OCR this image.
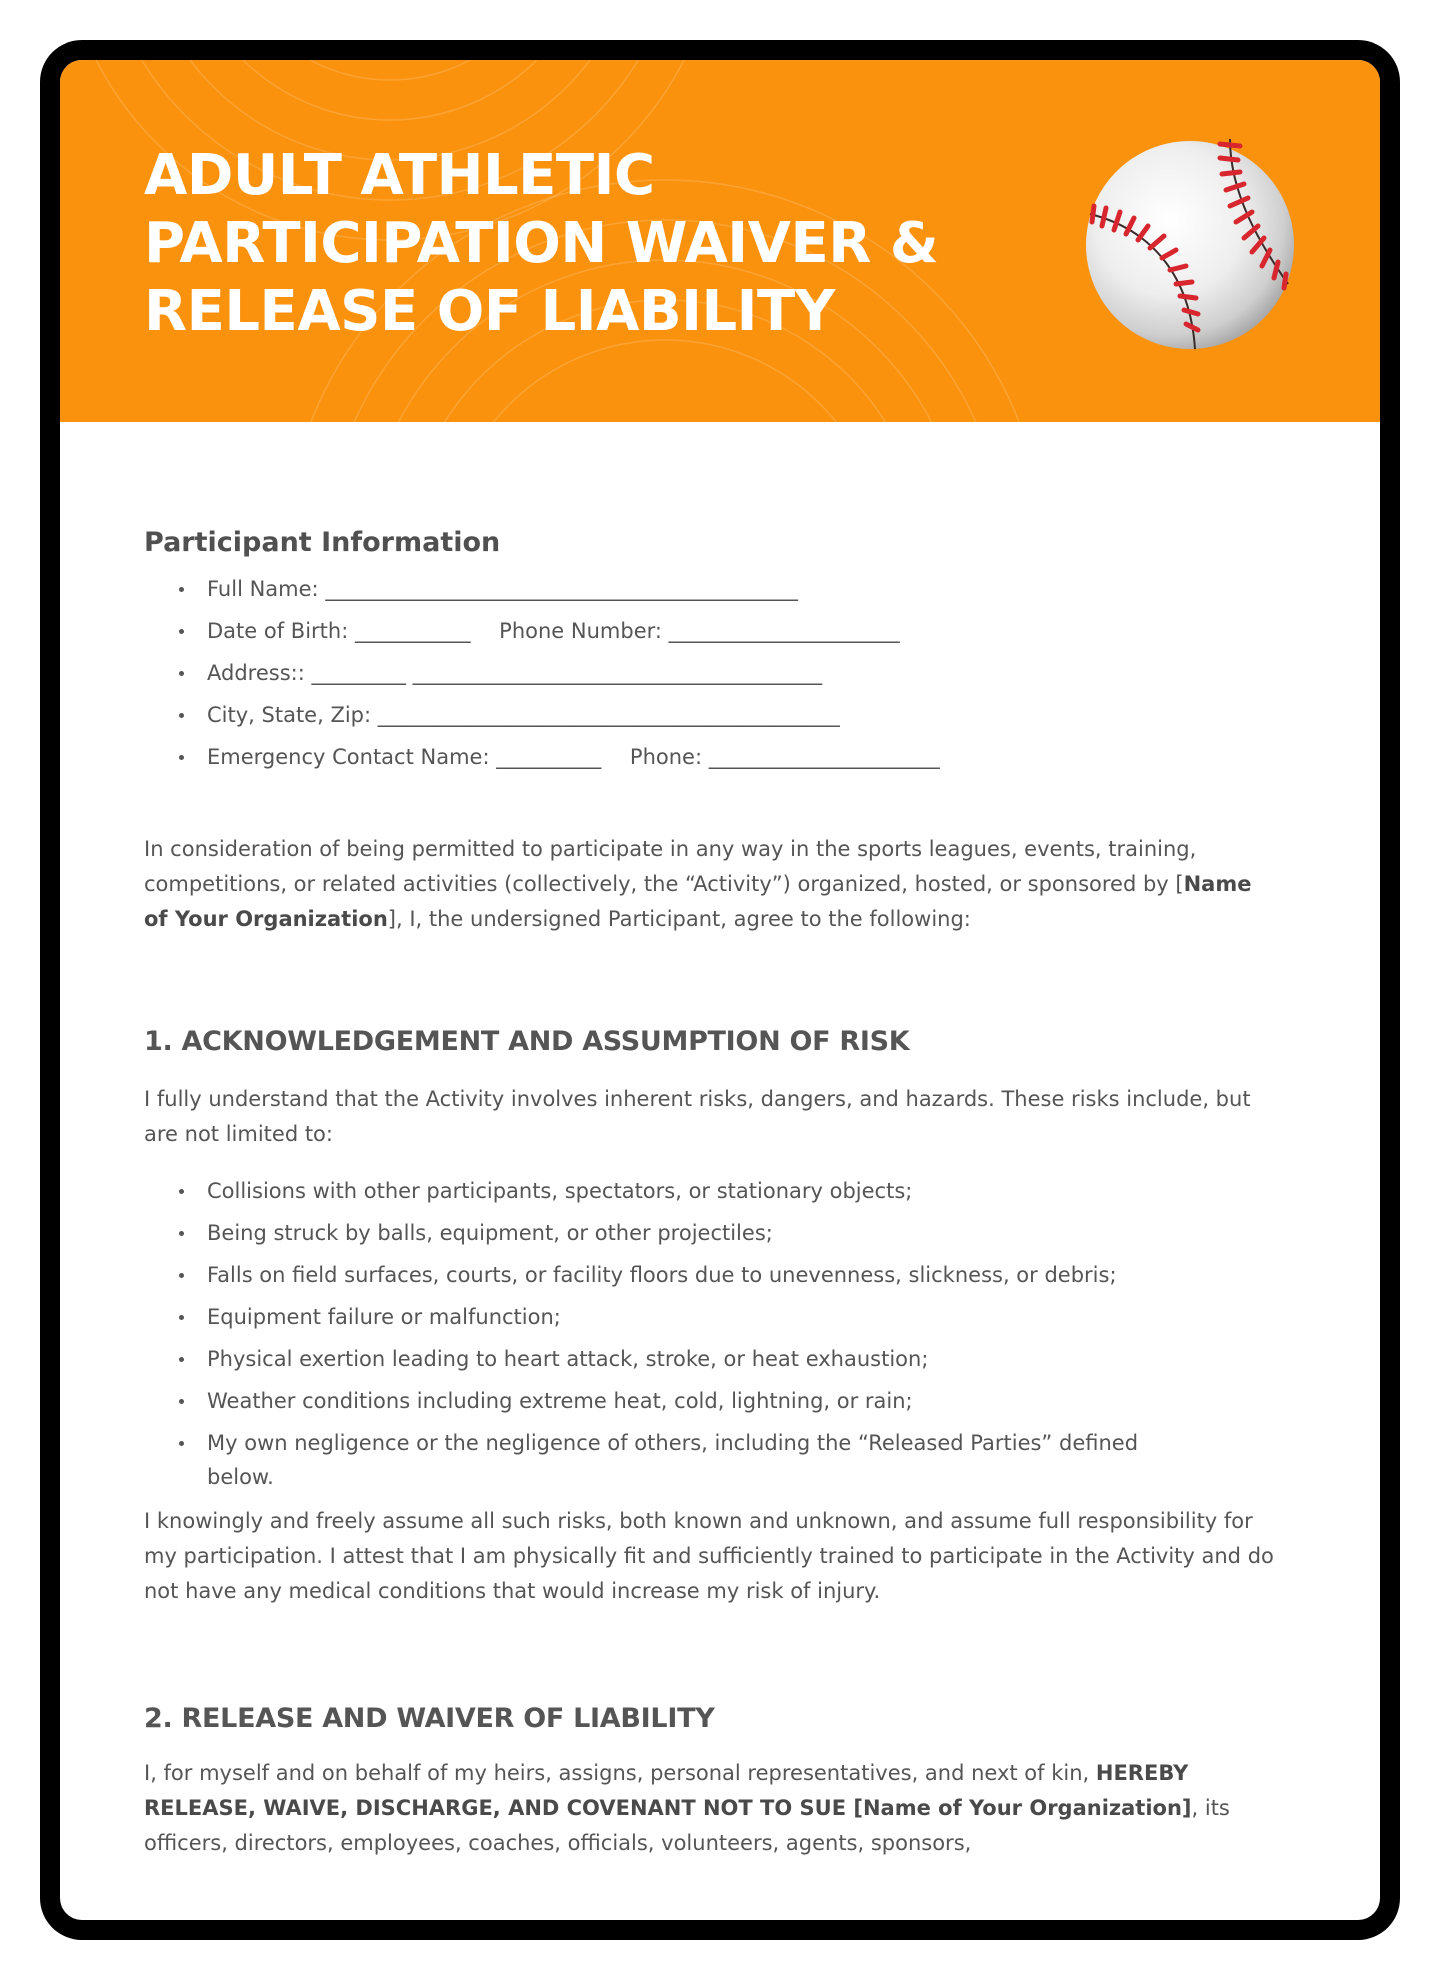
ADULT ATHLETIC
PARTICIPATION WAIVER &
RELEASE OF LIABILITY
Participant Information
Full Name: _____________________________________________
Date of Birth: ___________ Phone Number: ______________________
Address:: _________ _______________________________________
City, State, Zip: ____________________________________________
Emergency Contact Name: __________ Phone: ______________________

In consideration of being permitted to participate in any way in the sports leagues, events, training, competitions, or related activities (collectively, the “Activity”) organized, hosted, or sponsored by [Name of Your Organization], I, the undersigned Participant, agree to the following:

1. ACKNOWLEDGEMENT AND ASSUMPTION OF RISK

I fully understand that the Activity involves inherent risks, dangers, and hazards. These risks include, but are not limited to:

Collisions with other participants, spectators, or stationary objects;
Being struck by balls, equipment, or other projectiles;
Falls on field surfaces, courts, or facility floors due to unevenness, slickness, or debris;
Equipment failure or malfunction;
Physical exertion leading to heart attack, stroke, or heat exhaustion;
Weather conditions including extreme heat, cold, lightning, or rain;
My own negligence or the negligence of others, including the “Released Parties” defined below.

I knowingly and freely assume all such risks, both known and unknown, and assume full responsibility for my participation. I attest that I am physically fit and sufficiently trained to participate in the Activity and do not have any medical conditions that would increase my risk of injury.

2. RELEASE AND WAIVER OF LIABILITY

I, for myself and on behalf of my heirs, assigns, personal representatives, and next of kin, HEREBY RELEASE, WAIVE, DISCHARGE, AND COVENANT NOT TO SUE [Name of Your Organization], its officers, directors, employees, coaches, officials, volunteers, agents, sponsors,
